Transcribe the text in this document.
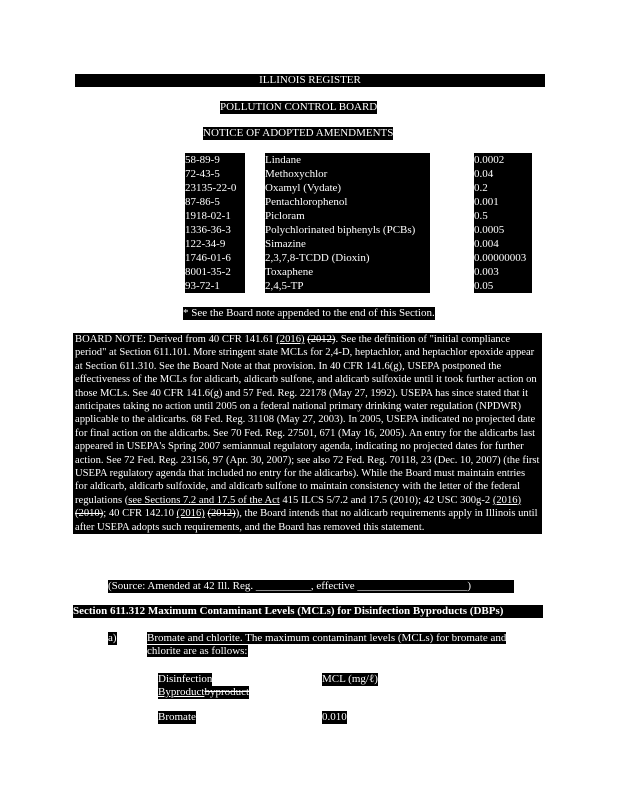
ILLINOIS REGISTER
POLLUTION CONTROL BOARD
NOTICE OF ADOPTED AMENDMENTS
58-89-9	Lindane	0.0002
72-43-5	Methoxychlor	0.04
23135-22-0	Oxamyl (Vydate)	0.2
87-86-5	Pentachlorophenol	0.001
1918-02-1	Picloram	0.5
1336-36-3	Polychlorinated biphenyls (PCBs)	0.0005
122-34-9	Simazine	0.004
1746-01-6	2,3,7,8-TCDD (Dioxin)	0.00000003
8001-35-2	Toxaphene	0.003
93-72-1	2,4,5-TP	0.05
* See the Board note appended to the end of this Section.

BOARD NOTE: Derived from 40 CFR 141.61 (2016) (2012). See the definition of "initial compliance period" at Section 611.101. More stringent state MCLs for 2,4-D, heptachlor, and heptachlor epoxide appear at Section 611.310. See the Board Note at that provision. In 40 CFR 141.6(g), USEPA postponed the effectiveness of the MCLs for aldicarb, aldicarb sulfone, and aldicarb sulfoxide until it took further action on those MCLs. See 40 CFR 141.6(g) and 57 Fed. Reg. 22178 (May 27, 1992). USEPA has since stated that it anticipates taking no action until 2005 on a federal national primary drinking water regulation (NPDWR) applicable to the aldicarbs. 68 Fed. Reg. 31108 (May 27, 2003). In 2005, USEPA indicated no projected date for final action on the aldicarbs. See 70 Fed. Reg. 27501, 671 (May 16, 2005). An entry for the aldicarbs last appeared in USEPA's Spring 2007 semiannual regulatory agenda, indicating no projected dates for further action. See 72 Fed. Reg. 23156, 97 (Apr. 30, 2007); see also 72 Fed. Reg. 70118, 23 (Dec. 10, 2007) (the first USEPA regulatory agenda that included no entry for the aldicarbs). While the Board must maintain entries for aldicarb, aldicarb sulfoxide, and aldicarb sulfone to maintain consistency with the letter of the federal regulations (see Sections 7.2 and 17.5 of the Act 415 ILCS 5/7.2 and 17.5 (2010); 42 USC 300g-2 (2016) (2010); 40 CFR 142.10 (2016) (2012)), the Board intends that no aldicarb requirements apply in Illinois until after USEPA adopts such requirements, and the Board has removed this statement.

(Source: Amended at 42 Ill. Reg. __________, effective ____________________)
Section 611.312 Maximum Contaminant Levels (MCLs) for Disinfection Byproducts (DBPs)
a)	Bromate and chlorite. The maximum contaminant levels (MCLs) for bromate and chlorite are as follows:
Disinfection	MCL (mg/ℓ)
Byproductbyproduct
Bromate	0.010
